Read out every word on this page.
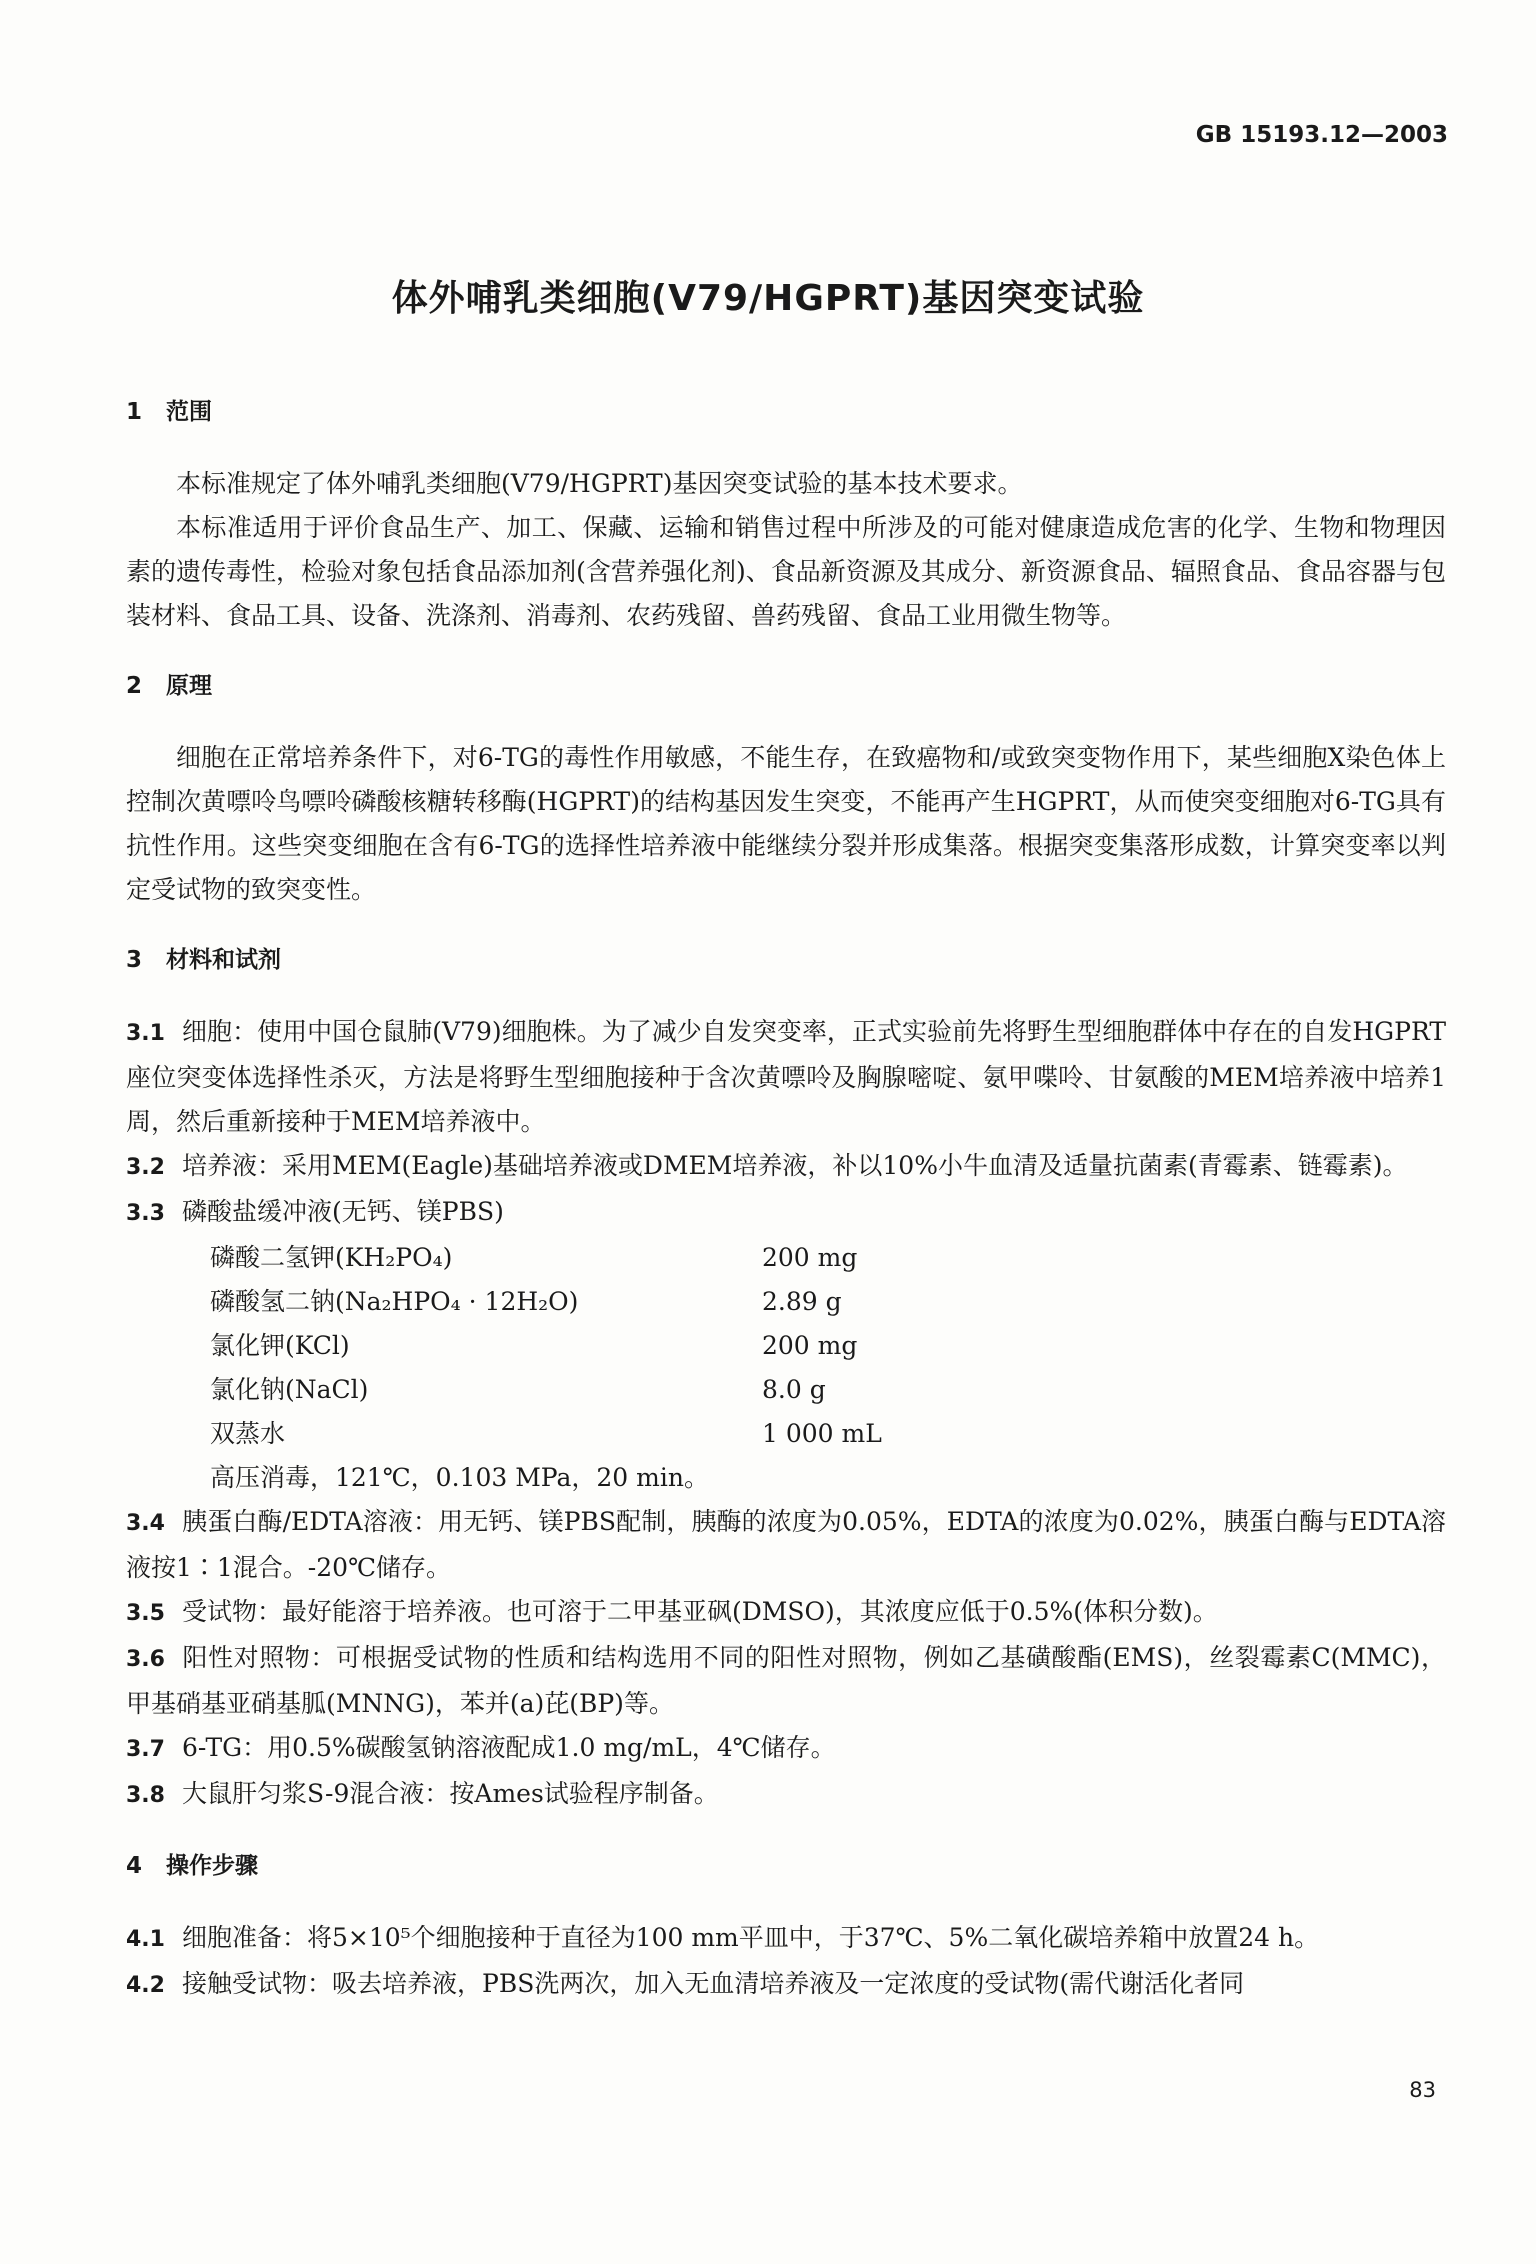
GB 15193.12—2003
体外哺乳类细胞(V79/HGPRT)基因突变试验
1 范围

本标准规定了体外哺乳类细胞(V79/HGPRT)基因突变试验的基本技术要求。

本标准适用于评价食品生产、加工、保藏、运输和销售过程中所涉及的可能对健康造成危害的化学、生物和物理因素的遗传毒性，检验对象包括食品添加剂(含营养强化剂)、食品新资源及其成分、新资源食品、辐照食品、食品容器与包装材料、食品工具、设备、洗涤剂、消毒剂、农药残留、兽药残留、食品工业用微生物等。

2 原理

细胞在正常培养条件下，对6-TG的毒性作用敏感，不能生存，在致癌物和/或致突变物作用下，某些细胞X染色体上控制次黄嘌呤鸟嘌呤磷酸核糖转移酶(HGPRT)的结构基因发生突变，不能再产生HGPRT，从而使突变细胞对6-TG具有抗性作用。这些突变细胞在含有6-TG的选择性培养液中能继续分裂并形成集落。根据突变集落形成数，计算突变率以判定受试物的致突变性。

3 材料和试剂

3.1 细胞：使用中国仓鼠肺(V79)细胞株。为了减少自发突变率，正式实验前先将野生型细胞群体中存在的自发HGPRT座位突变体选择性杀灭，方法是将野生型细胞接种于含次黄嘌呤及胸腺嘧啶、氨甲喋呤、甘氨酸的MEM培养液中培养1周，然后重新接种于MEM培养液中。

3.2 培养液：采用MEM(Eagle)基础培养液或DMEM培养液，补以10%小牛血清及适量抗菌素(青霉素、链霉素)。

3.3 磷酸盐缓冲液(无钙、镁PBS)

磷酸二氢钾(KH₂PO₄)	200 mg
磷酸氢二钠(Na₂HPO₄ · 12H₂O)	2.89 g
氯化钾(KCl)	200 mg
氯化钠(NaCl)	8.0 g
双蒸水	1 000 mL

高压消毒，121℃，0.103 MPa，20 min。

3.4 胰蛋白酶/EDTA溶液：用无钙、镁PBS配制，胰酶的浓度为0.05%，EDTA的浓度为0.02%，胰蛋白酶与EDTA溶液按1∶1混合。-20℃储存。

3.5 受试物：最好能溶于培养液。也可溶于二甲基亚砜(DMSO)，其浓度应低于0.5%(体积分数)。

3.6 阳性对照物：可根据受试物的性质和结构选用不同的阳性对照物，例如乙基磺酸酯(EMS)，丝裂霉素C(MMC)，甲基硝基亚硝基胍(MNNG)，苯并(a)芘(BP)等。

3.7 6-TG：用0.5%碳酸氢钠溶液配成1.0 mg/mL，4℃储存。

3.8 大鼠肝匀浆S-9混合液：按Ames试验程序制备。

4 操作步骤

4.1 细胞准备：将5×10⁵个细胞接种于直径为100 mm平皿中，于37℃、5%二氧化碳培养箱中放置24 h。

4.2 接触受试物：吸去培养液，PBS洗两次，加入无血清培养液及一定浓度的受试物(需代谢活化者同

83
